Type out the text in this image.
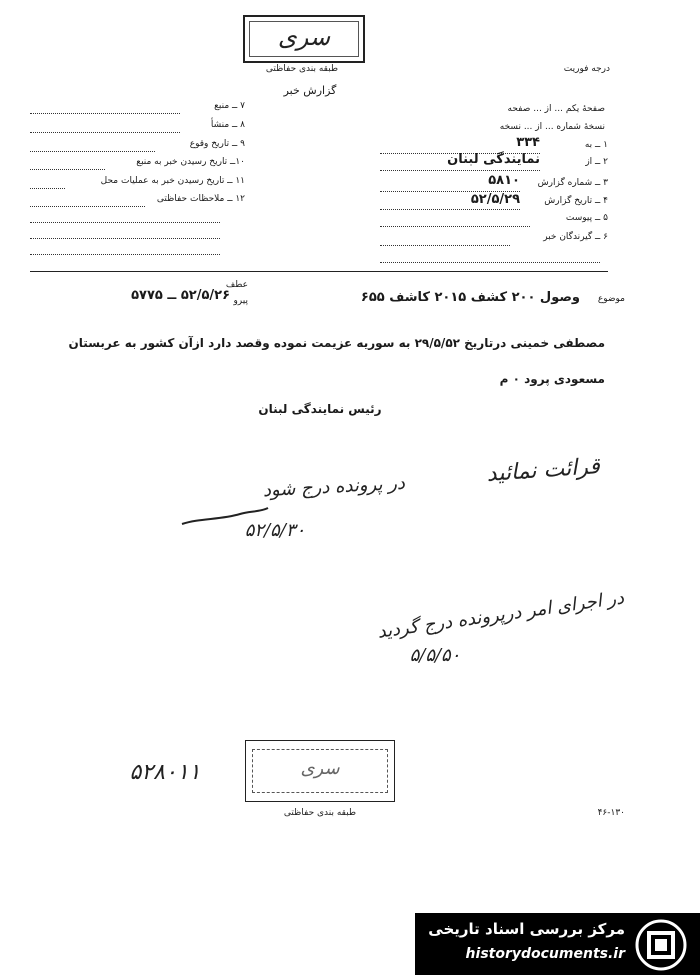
سری
طبقه بندی حفاظتی	درجه فوریت
گزارش خبر
صفحهٔ یکم ... از ... صفحه
نسخهٔ شماره ... از ... نسخه
۱ ــ به
۳۳۴
۲ ــ از
نمایندگی لبنان
۳ ــ شماره گزارش
۵۸۱۰
۴ ــ تاریخ گزارش
۵۲/۵/۲۹
۵ ــ پیوست
۶ ــ گیرندگان خبر
۷ ــ منبع
۸ ــ منشأ
۹ ــ تاریخ وقوع
۱۰ــ تاریخ رسیدن خبر به منبع
۱۱ ــ تاریخ رسیدن خبر به عملیات محل
۱۲ ــ ملاحظات حفاظتی
موضوع
وصول ۲۰۰ کشف ۲۰۱۵ کاشف ۶۵۵
عطف
پیرو
۵۲/۵/۲۶ ــ ۵۷۷۵
مصطفی خمینی درتاریخ ۲۹/۵/۵۲ به سوریه عزیمت نموده وقصد دارد ازآن کشور به عربستان
مسعودی پرود ۰ م
رئیس نمایندگی لبنان
قرائت نمائید
در پرونده درج شود
۵۲/۵/۳۰
در اجرای امر درپرونده درج گردید
۵/۵/۵۰
۵۲۸۰۱۱	سری
طبقه بندی حفاظتی	۴۶-۱۳۰
مرکز بررسی اسناد تاریخی
historydocuments.ir
